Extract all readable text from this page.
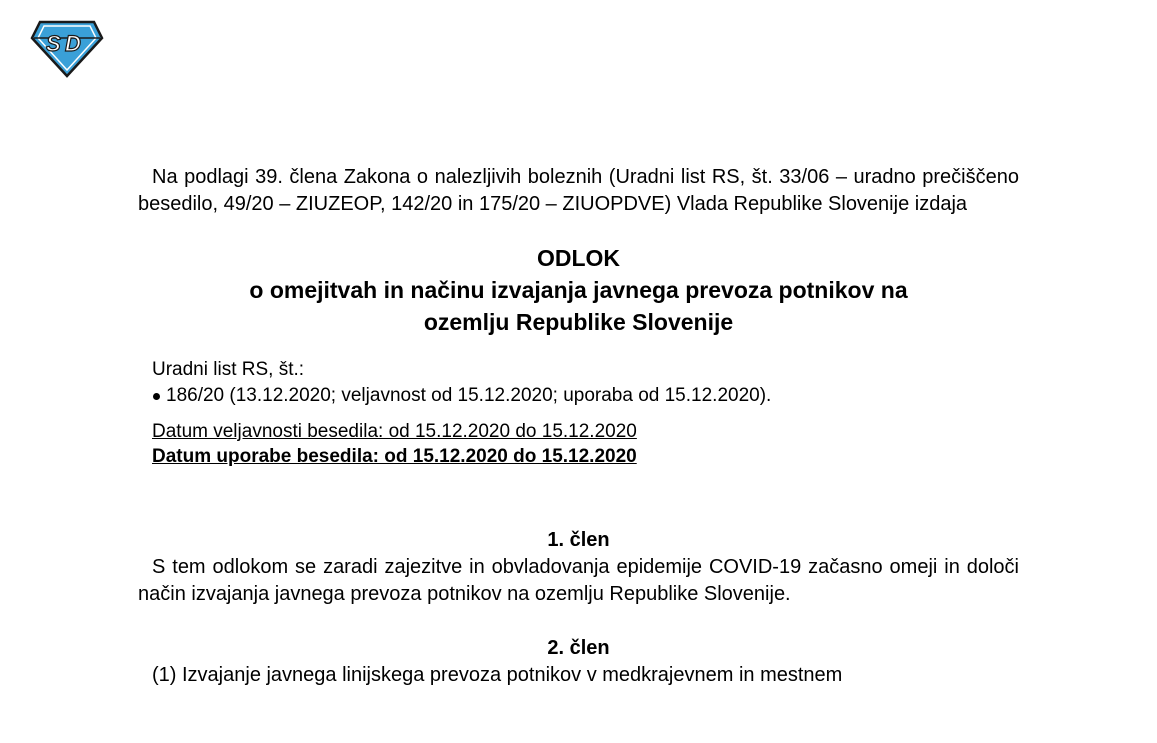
S D

Na podlagi 39. člena Zakona o nalezljivih boleznih (Uradni list RS, št. 33/06 – uradno prečiščeno besedilo, 49/20 – ZIUZEOP, 142/20 in 175/20 – ZIUOPDVE) Vlada Republike Slovenije izdaja

ODLOK
o omejitvah in načinu izvajanja javnega prevoza potnikov na
ozemlju Republike Slovenije
Uradni list RS, št.:
186/20 (13.12.2020; veljavnost od 15.12.2020; uporaba od 15.12.2020).
Datum veljavnosti besedila: od 15.12.2020 do 15.12.2020
Datum uporabe besedila: od 15.12.2020 do 15.12.2020

1. člen

S tem odlokom se zaradi zajezitve in obvladovanja epidemije COVID-19 začasno omeji in določi način izvajanja javnega prevoza potnikov na ozemlju Republike Slovenije.

2. člen

(1) Izvajanje javnega linijskega prevoza potnikov v medkrajevnem in mestnem
